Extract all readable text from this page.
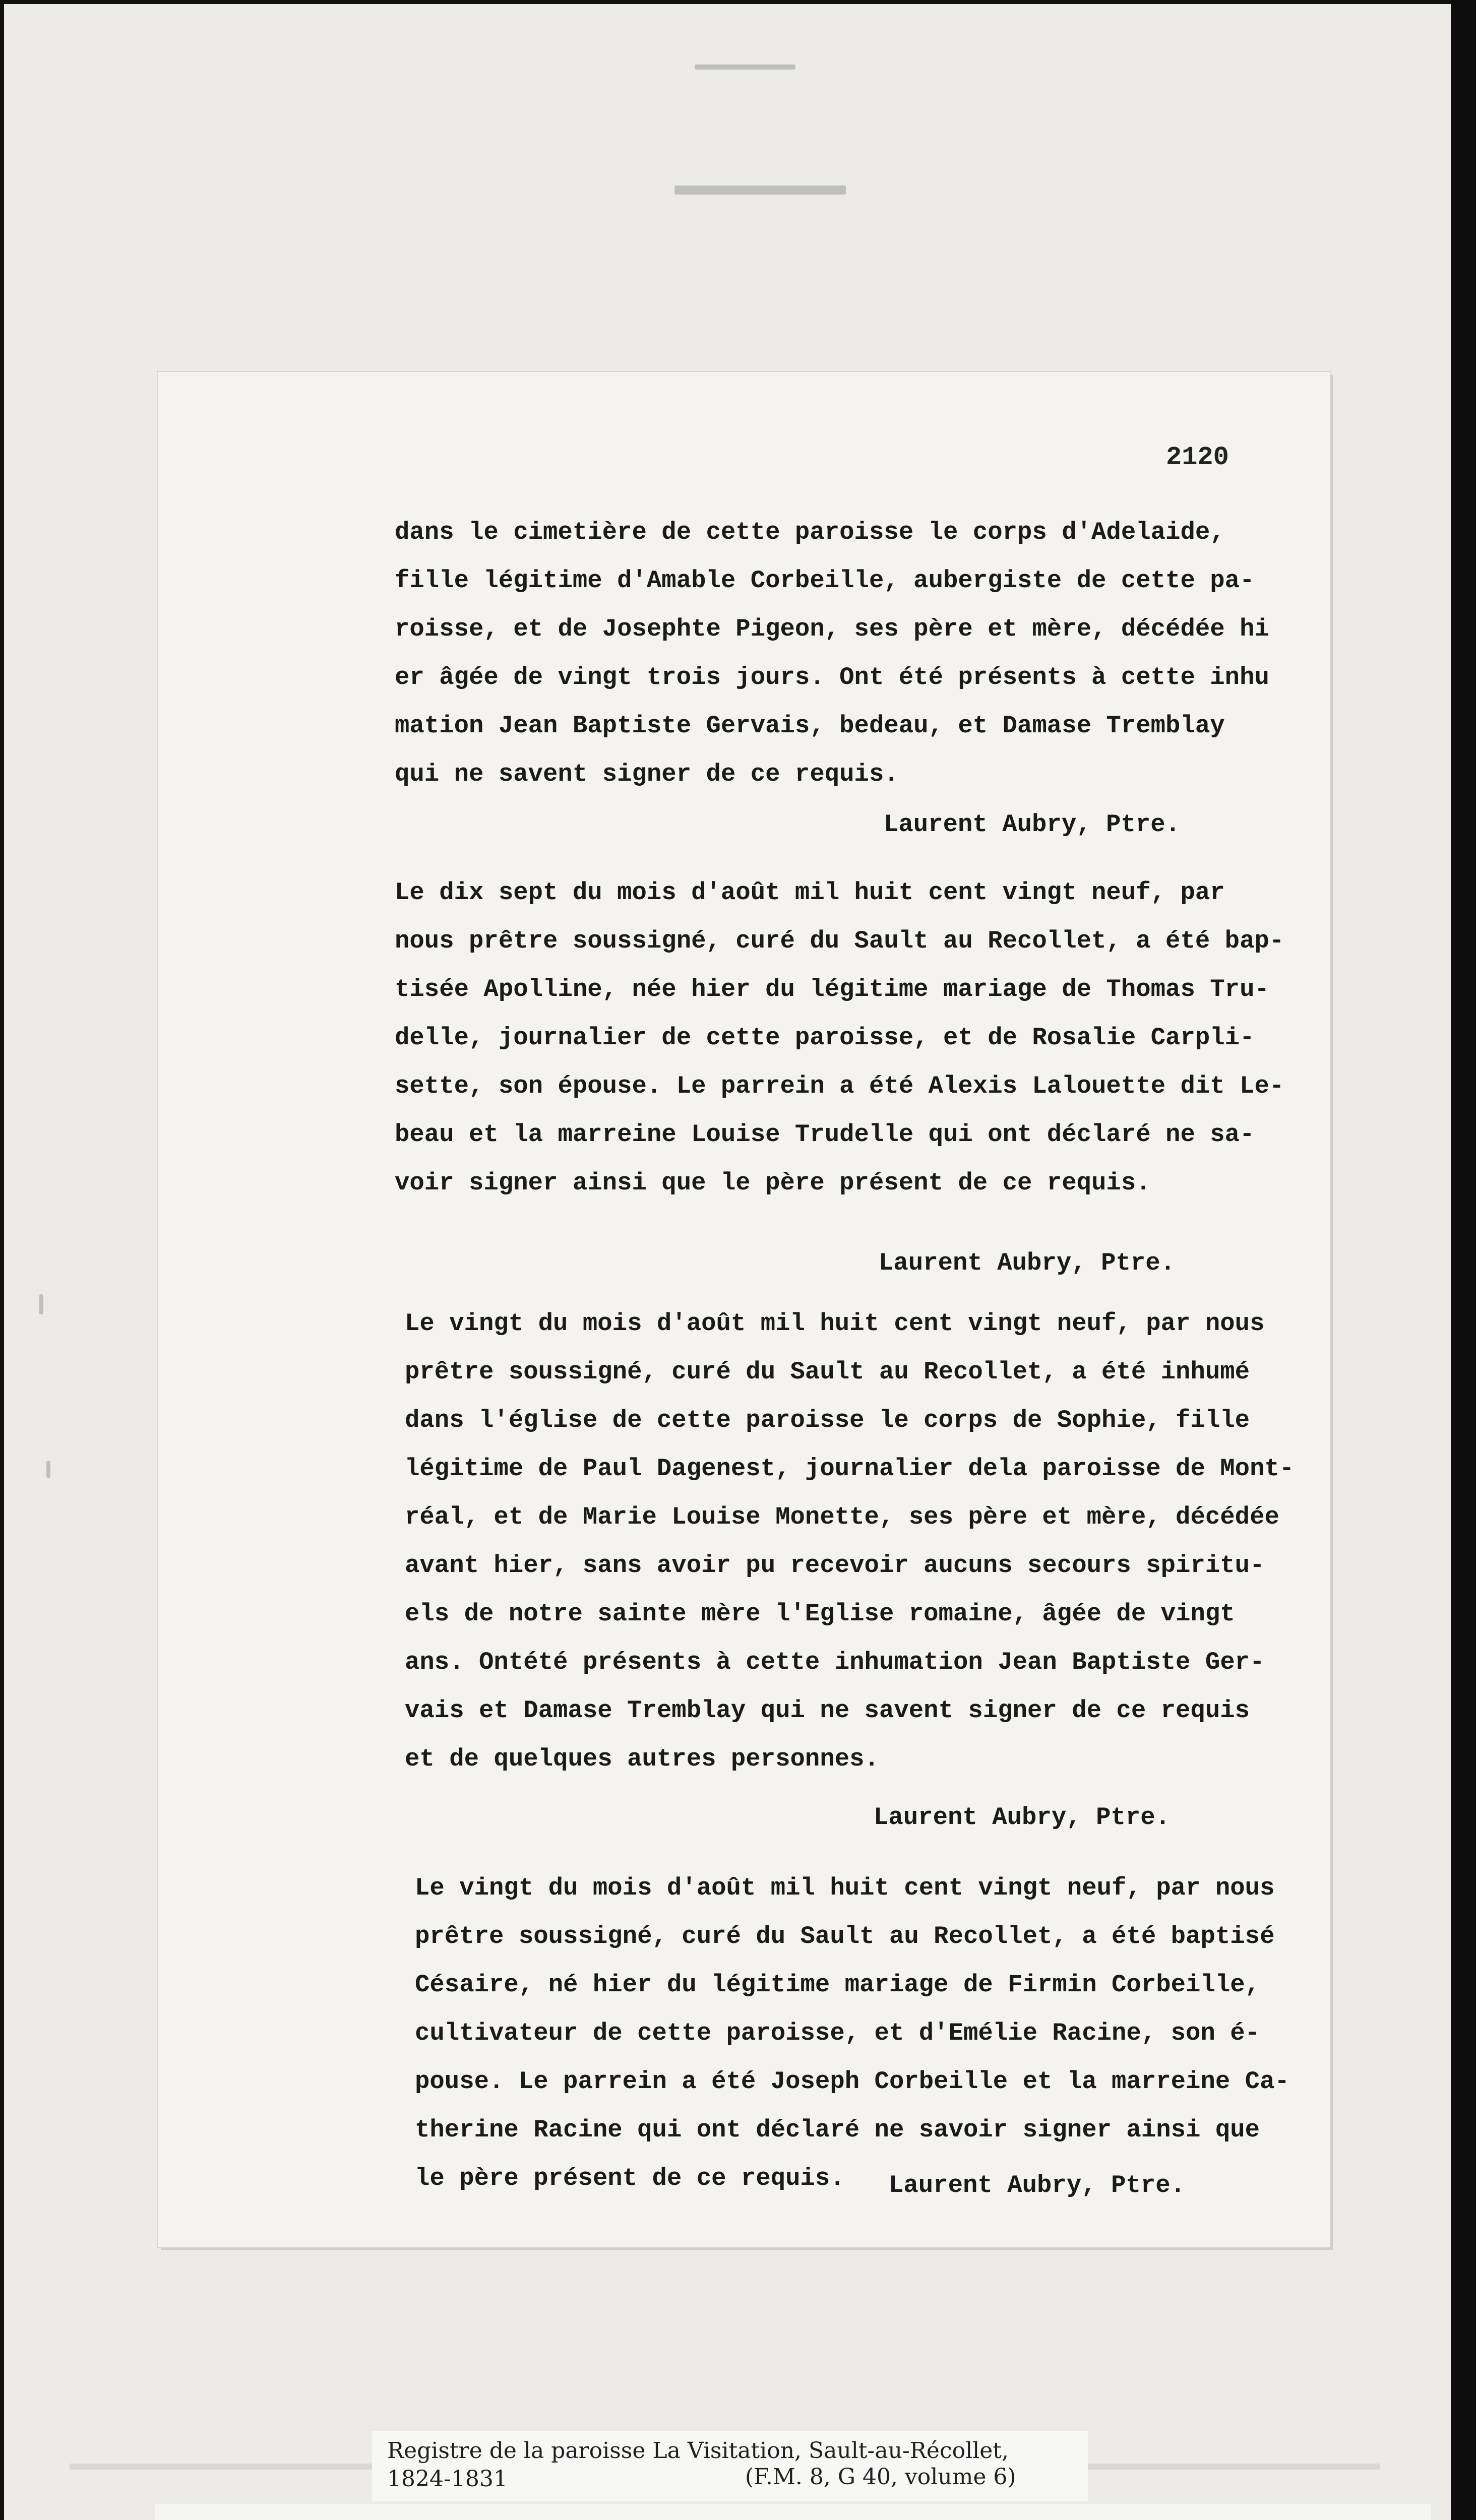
2120
dans le cimetière de cette paroisse le corps d'Adelaide,
fille légitime d'Amable Corbeille, aubergiste de cette pa-
roisse, et de Josephte Pigeon, ses père et mère, décédée hi
er âgée de vingt trois jours. Ont été présents à cette inhu
mation Jean Baptiste Gervais, bedeau, et Damase Tremblay
qui ne savent signer de ce requis.
Laurent Aubry, Ptre.
Le dix sept du mois d'août mil huit cent vingt neuf, par
nous prêtre soussigné, curé du Sault au Recollet, a été bap-
tisée Apolline, née hier du légitime mariage de Thomas Tru-
delle, journalier de cette paroisse, et de Rosalie Carpli-
sette, son épouse. Le parrein a été Alexis Lalouette dit Le-
beau et la marreine Louise Trudelle qui ont déclaré ne sa-
voir signer ainsi que le père présent de ce requis.
Laurent Aubry, Ptre.
Le vingt du mois d'août mil huit cent vingt neuf, par nous
prêtre soussigné, curé du Sault au Recollet, a été inhumé
dans l'église de cette paroisse le corps de Sophie, fille
légitime de Paul Dagenest, journalier dela paroisse de Mont-
réal, et de Marie Louise Monette, ses père et mère, décédée
avant hier, sans avoir pu recevoir aucuns secours spiritu-
els de notre sainte mère l'Eglise romaine, âgée de vingt
ans. Ontété présents à cette inhumation Jean Baptiste Ger-
vais et Damase Tremblay qui ne savent signer de ce requis
et de quelques autres personnes.
Laurent Aubry, Ptre.
Le vingt du mois d'août mil huit cent vingt neuf, par nous
prêtre soussigné, curé du Sault au Recollet, a été baptisé
Césaire, né hier du légitime mariage de Firmin Corbeille,
cultivateur de cette paroisse, et d'Emélie Racine, son é-
pouse. Le parrein a été Joseph Corbeille et la marreine Ca-
therine Racine qui ont déclaré ne savoir signer ainsi que
le père présent de ce requis.	Laurent Aubry, Ptre.
Registre de la paroisse La Visitation, Sault-au-Récollet,
1824-1831	(F.M. 8, G 40, volume 6)
